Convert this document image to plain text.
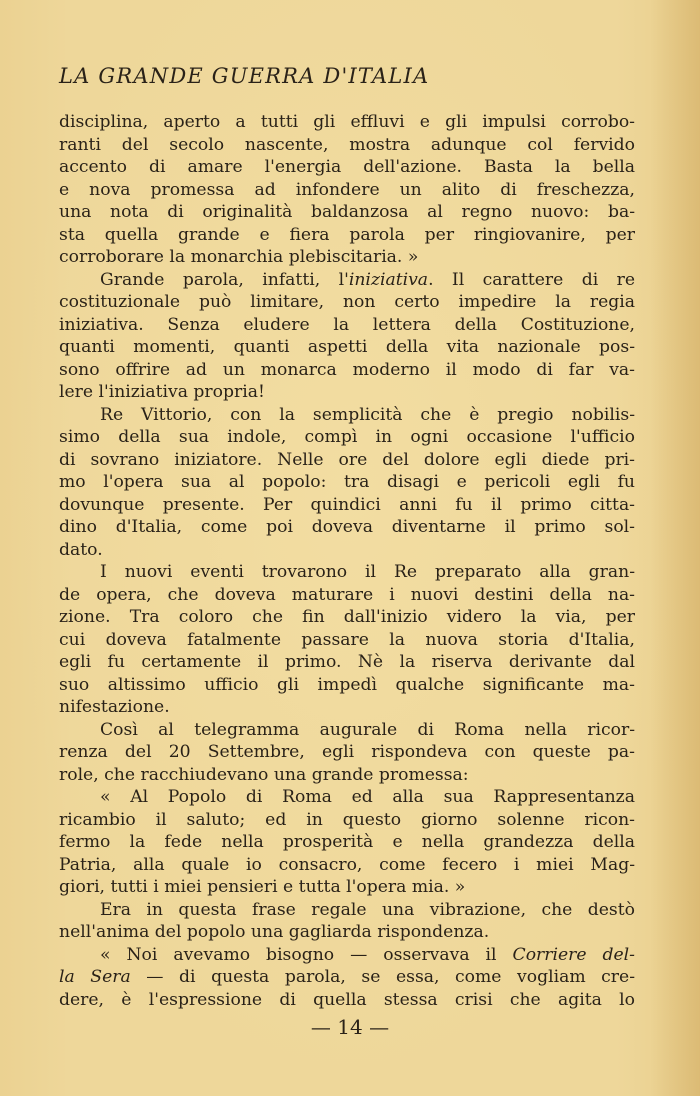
LA GRANDE GUERRA D'ITALIA
disciplina, aperto a tutti gli effluvi e gli impulsi corrobo-
ranti del secolo nascente, mostra adunque col fervido
accento di amare l'energia dell'azione. Basta la bella
e nova promessa ad infondere un alito di freschezza,
una nota di originalità baldanzosa al regno nuovo: ba-
sta quella grande e fiera parola per ringiovanire, per
corroborare la monarchia plebiscitaria. »
Grande parola, infatti, l'iniziativa. Il carattere di re
costituzionale può limitare, non certo impedire la regia
iniziativa. Senza eludere la lettera della Costituzione,
quanti momenti, quanti aspetti della vita nazionale pos-
sono offrire ad un monarca moderno il modo di far va-
lere l'iniziativa propria!
Re Vittorio, con la semplicità che è pregio nobilis-
simo della sua indole, compì in ogni occasione l'ufficio
di sovrano iniziatore. Nelle ore del dolore egli diede pri-
mo l'opera sua al popolo: tra disagi e pericoli egli fu
dovunque presente. Per quindici anni fu il primo citta-
dino d'Italia, come poi doveva diventarne il primo sol-
dato.
I nuovi eventi trovarono il Re preparato alla gran-
de opera, che doveva maturare i nuovi destini della na-
zione. Tra coloro che fin dall'inizio videro la via, per
cui doveva fatalmente passare la nuova storia d'Italia,
egli fu certamente il primo. Nè la riserva derivante dal
suo altissimo ufficio gli impedì qualche significante ma-
nifestazione.
Così al telegramma augurale di Roma nella ricor-
renza del 20 Settembre, egli rispondeva con queste pa-
role, che racchiudevano una grande promessa:
« Al Popolo di Roma ed alla sua Rappresentanza
ricambio il saluto; ed in questo giorno solenne ricon-
fermo la fede nella prosperità e nella grandezza della
Patria, alla quale io consacro, come fecero i miei Mag-
giori, tutti i miei pensieri e tutta l'opera mia. »
Era in questa frase regale una vibrazione, che destò
nell'anima del popolo una gagliarda rispondenza.
« Noi avevamo bisogno — osservava il Corriere del-
la Sera — di questa parola, se essa, come vogliam cre-
dere, è l'espressione di quella stessa crisi che agita lo
— 14 —
